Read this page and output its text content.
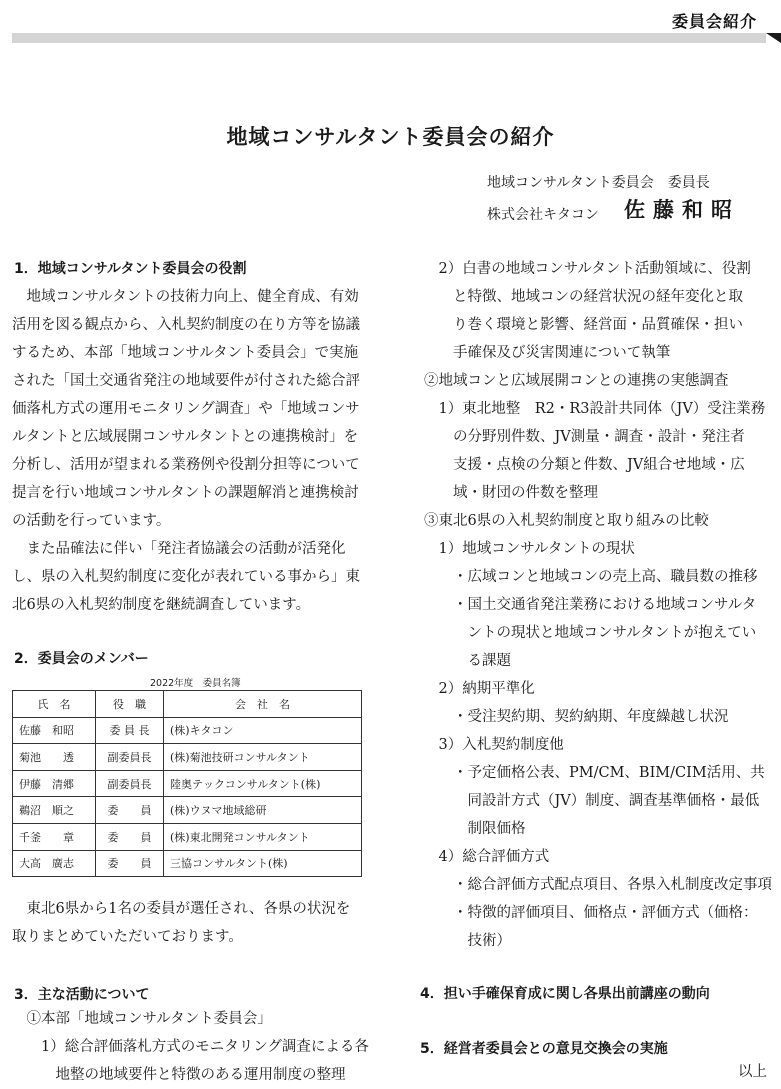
委員会紹介
地域コンサルタント委員会の紹介
地域コンサルタント委員会　委員長
株式会社キタコン 佐藤和昭
1．地域コンサルタント委員会の役割
　地域コンサルタントの技術力向上、健全育成、有効
活用を図る観点から、入札契約制度の在り方等を協議
するため、本部「地域コンサルタント委員会」で実施
された「国土交通省発注の地域要件が付された総合評
価落札方式の運用モニタリング調査」や「地域コンサ
ルタントと広域展開コンサルタントとの連携検討」を
分析し、活用が望まれる業務例や役割分担等について
提言を行い地域コンサルタントの課題解消と連携検討
の活動を行っています。
　また品確法に伴い「発注者協議会の活動が活発化
し、県の入札契約制度に変化が表れている事から」東
北6県の入札契約制度を継続調査しています。
2．委員会のメンバー
2022年度　委員名簿
氏　名	役　職	会　社　名
佐藤　和昭	委 員 長	(株)キタコン
菊池　　透	副委員長	(株)菊池技研コンサルタント
伊藤　清郷	副委員長	陸奥テックコンサルタント(株)
鵜沼　順之	委　　員	(株)ウヌマ地域総研
千釜　　章	委　　員	(株)東北開発コンサルタント
大高　廣志	委　　員	三協コンサルタント(株)
　東北6県から1名の委員が選任され、各県の状況を
取りまとめていただいております。
3．主な活動について
　①本部「地域コンサルタント委員会」
　　1）総合評価落札方式のモニタリング調査による各
　　　地整の地域要件と特徴のある運用制度の整理
　2）白書の地域コンサルタント活動領域に、役割
　　と特徴、地域コンの経営状況の経年変化と取
　　り巻く環境と影響、経営面・品質確保・担い
　　手確保及び災害関連について執筆
②地域コンと広域展開コンとの連携の実態調査
　1）東北地整　R2・R3設計共同体（JV）受注業務
　　の分野別件数、JV測量・調査・設計・発注者
　　支援・点検の分類と件数、JV組合せ地域・広
　　域・財団の件数を整理
③東北6県の入札契約制度と取り組みの比較
　1）地域コンサルタントの現状
　　・広域コンと地域コンの売上高、職員数の推移
　　・国土交通省発注業務における地域コンサルタ
　　　ントの現状と地域コンサルタントが抱えてい
　　　る課題
　2）納期平準化
　　・受注契約期、契約納期、年度繰越し状況
　3）入札契約制度他
　　・予定価格公表、PM/CM、BIM/CIM活用、共
　　　同設計方式（JV）制度、調査基準価格・最低
　　　制限価格
　4）総合評価方式
　　・総合評価方式配点項目、各県入札制度改定事項
　　・特徴的評価項目、価格点・評価方式（価格：
　　　技術）
4．担い手確保育成に関し各県出前講座の動向
5．経営者委員会との意見交換会の実施
以上
